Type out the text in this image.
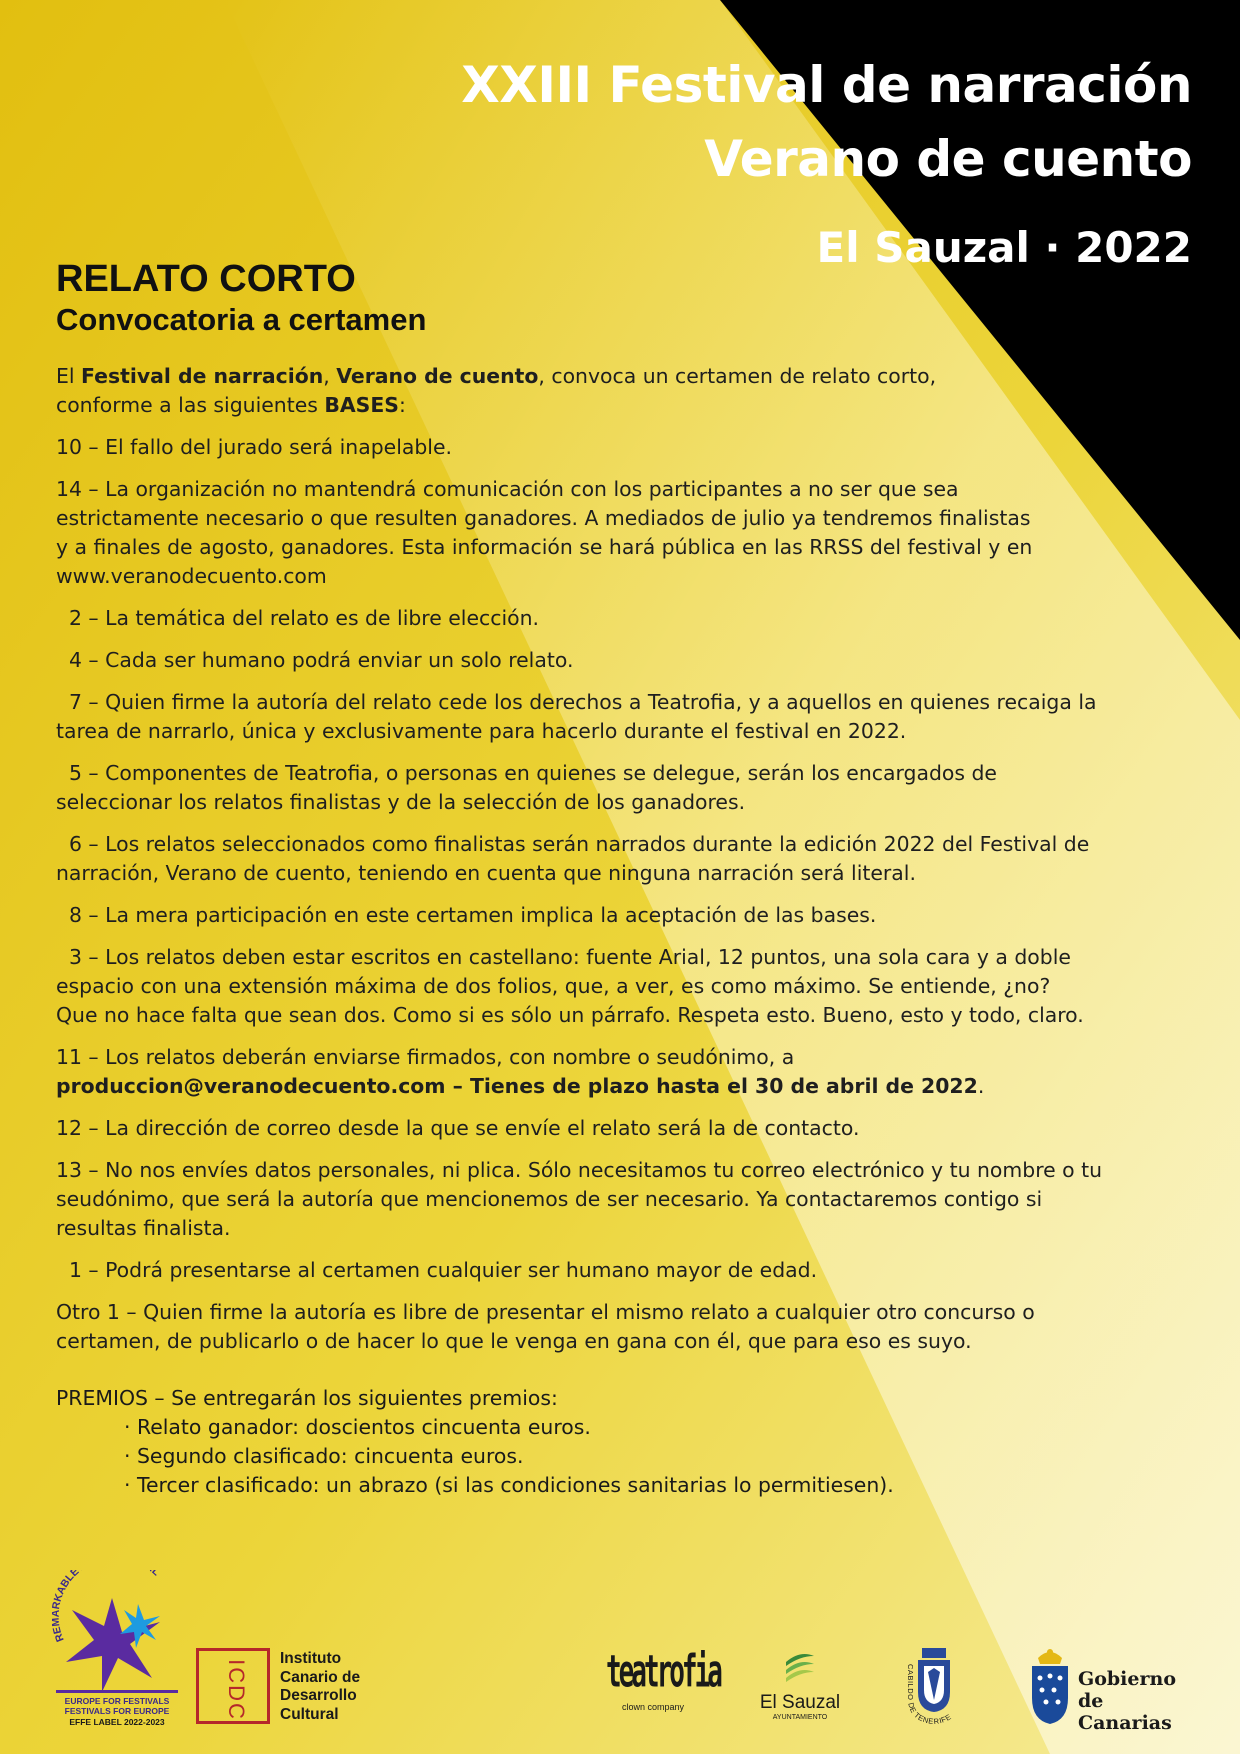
XXIII Festival de narración
Verano de cuento
El Sauzal · 2022
RELATO CORTO
Convocatoria a certamen
El Festival de narración, Verano de cuento, convoca un certamen de relato corto,
conforme a las siguientes BASES:
10 – El fallo del jurado será inapelable.
14 – La organización no mantendrá comunicación con los participantes a no ser que sea
estrictamente necesario o que resulten ganadores. A mediados de julio ya tendremos finalistas
y a finales de agosto, ganadores. Esta información se hará pública en las RRSS del festival y en
www.veranodecuento.com
2 – La temática del relato es de libre elección.
4 – Cada ser humano podrá enviar un solo relato.
7 – Quien firme la autoría del relato cede los derechos a Teatrofia, y a aquellos en quienes recaiga la
tarea de narrarlo, única y exclusivamente para hacerlo durante el festival en 2022.
5 – Componentes de Teatrofia, o personas en quienes se delegue, serán los encargados de
seleccionar los relatos finalistas y de la selección de los ganadores.
6 – Los relatos seleccionados como finalistas serán narrados durante la edición 2022 del Festival de
narración, Verano de cuento, teniendo en cuenta que ninguna narración será literal.
8 – La mera participación en este certamen implica la aceptación de las bases.
3 – Los relatos deben estar escritos en castellano: fuente Arial, 12 puntos, una sola cara y a doble
espacio con una extensión máxima de dos folios, que, a ver, es como máximo. Se entiende, ¿no?
Que no hace falta que sean dos. Como si es sólo un párrafo. Respeta esto. Bueno, esto y todo, claro.
11 – Los relatos deberán enviarse firmados, con nombre o seudónimo, a
produccion@veranodecuento.com – Tienes de plazo hasta el 30 de abril de 2022.
12 – La dirección de correo desde la que se envíe el relato será la de contacto.
13 – No nos envíes datos personales, ni plica. Sólo necesitamos tu correo electrónico y tu nombre o tu
seudónimo, que será la autoría que mencionemos de ser necesario. Ya contactaremos contigo si
resultas finalista.
1 – Podrá presentarse al certamen cualquier ser humano mayor de edad.
Otro 1 – Quien firme la autoría es libre de presentar el mismo relato a cualquier otro concurso o
certamen, de publicarlo o de hacer lo que le venga en gana con él, que para eso es suyo.
PREMIOS – Se entregarán los siguientes premios:
· Relato ganador: doscientos cincuenta euros.
· Segundo clasificado: cincuenta euros.
· Tercer clasificado: un abrazo (si las condiciones sanitarias lo permitiesen).
RE KABLE L
EUROPE FOR FESTIVALS
FESTIVALS FOR EUROPE
EFFE LABEL 2022-2023
ICDC
Instituto
Canario de
Desarrollo
Cultural
teatrofia
clown company	El Sauzal
AYUNTAMIENTO
CABILDO DE TENERIFE
Gobierno
de Canarias
